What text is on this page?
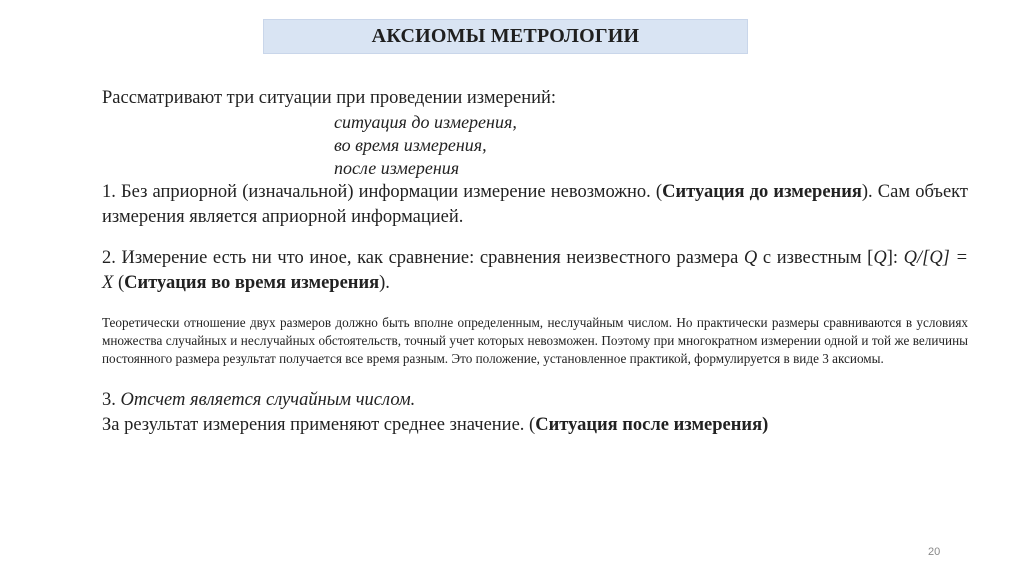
АКСИОМЫ МЕТРОЛОГИИ

Рассматривают три ситуации при проведении измерений:

ситуация до измерения,
во время измерения,
после измерения

1. Без априорной (изначальной) информации измерение невозможно. (Ситуация до измерения). Сам объект измерения является априорной информацией.

2. Измерение есть ни что иное, как сравнение: сравнения неизвестного размера Q с известным [Q]: Q/[Q] = X (Ситуация во время измерения).

Теоретически отношение двух размеров должно быть вполне определенным, неслучайным числом. Но практически размеры сравниваются в условиях множества случайных и неслучайных обстоятельств, точный учет которых невозможен. Поэтому при многократном измерении одной и той же величины постоянного размера результат получается все время разным. Это положение, установленное практикой, формулируется в виде 3 аксиомы.

3. Отсчет является случайным числом.
За результат измерения применяют среднее значение. (Ситуация после измерения)

20
